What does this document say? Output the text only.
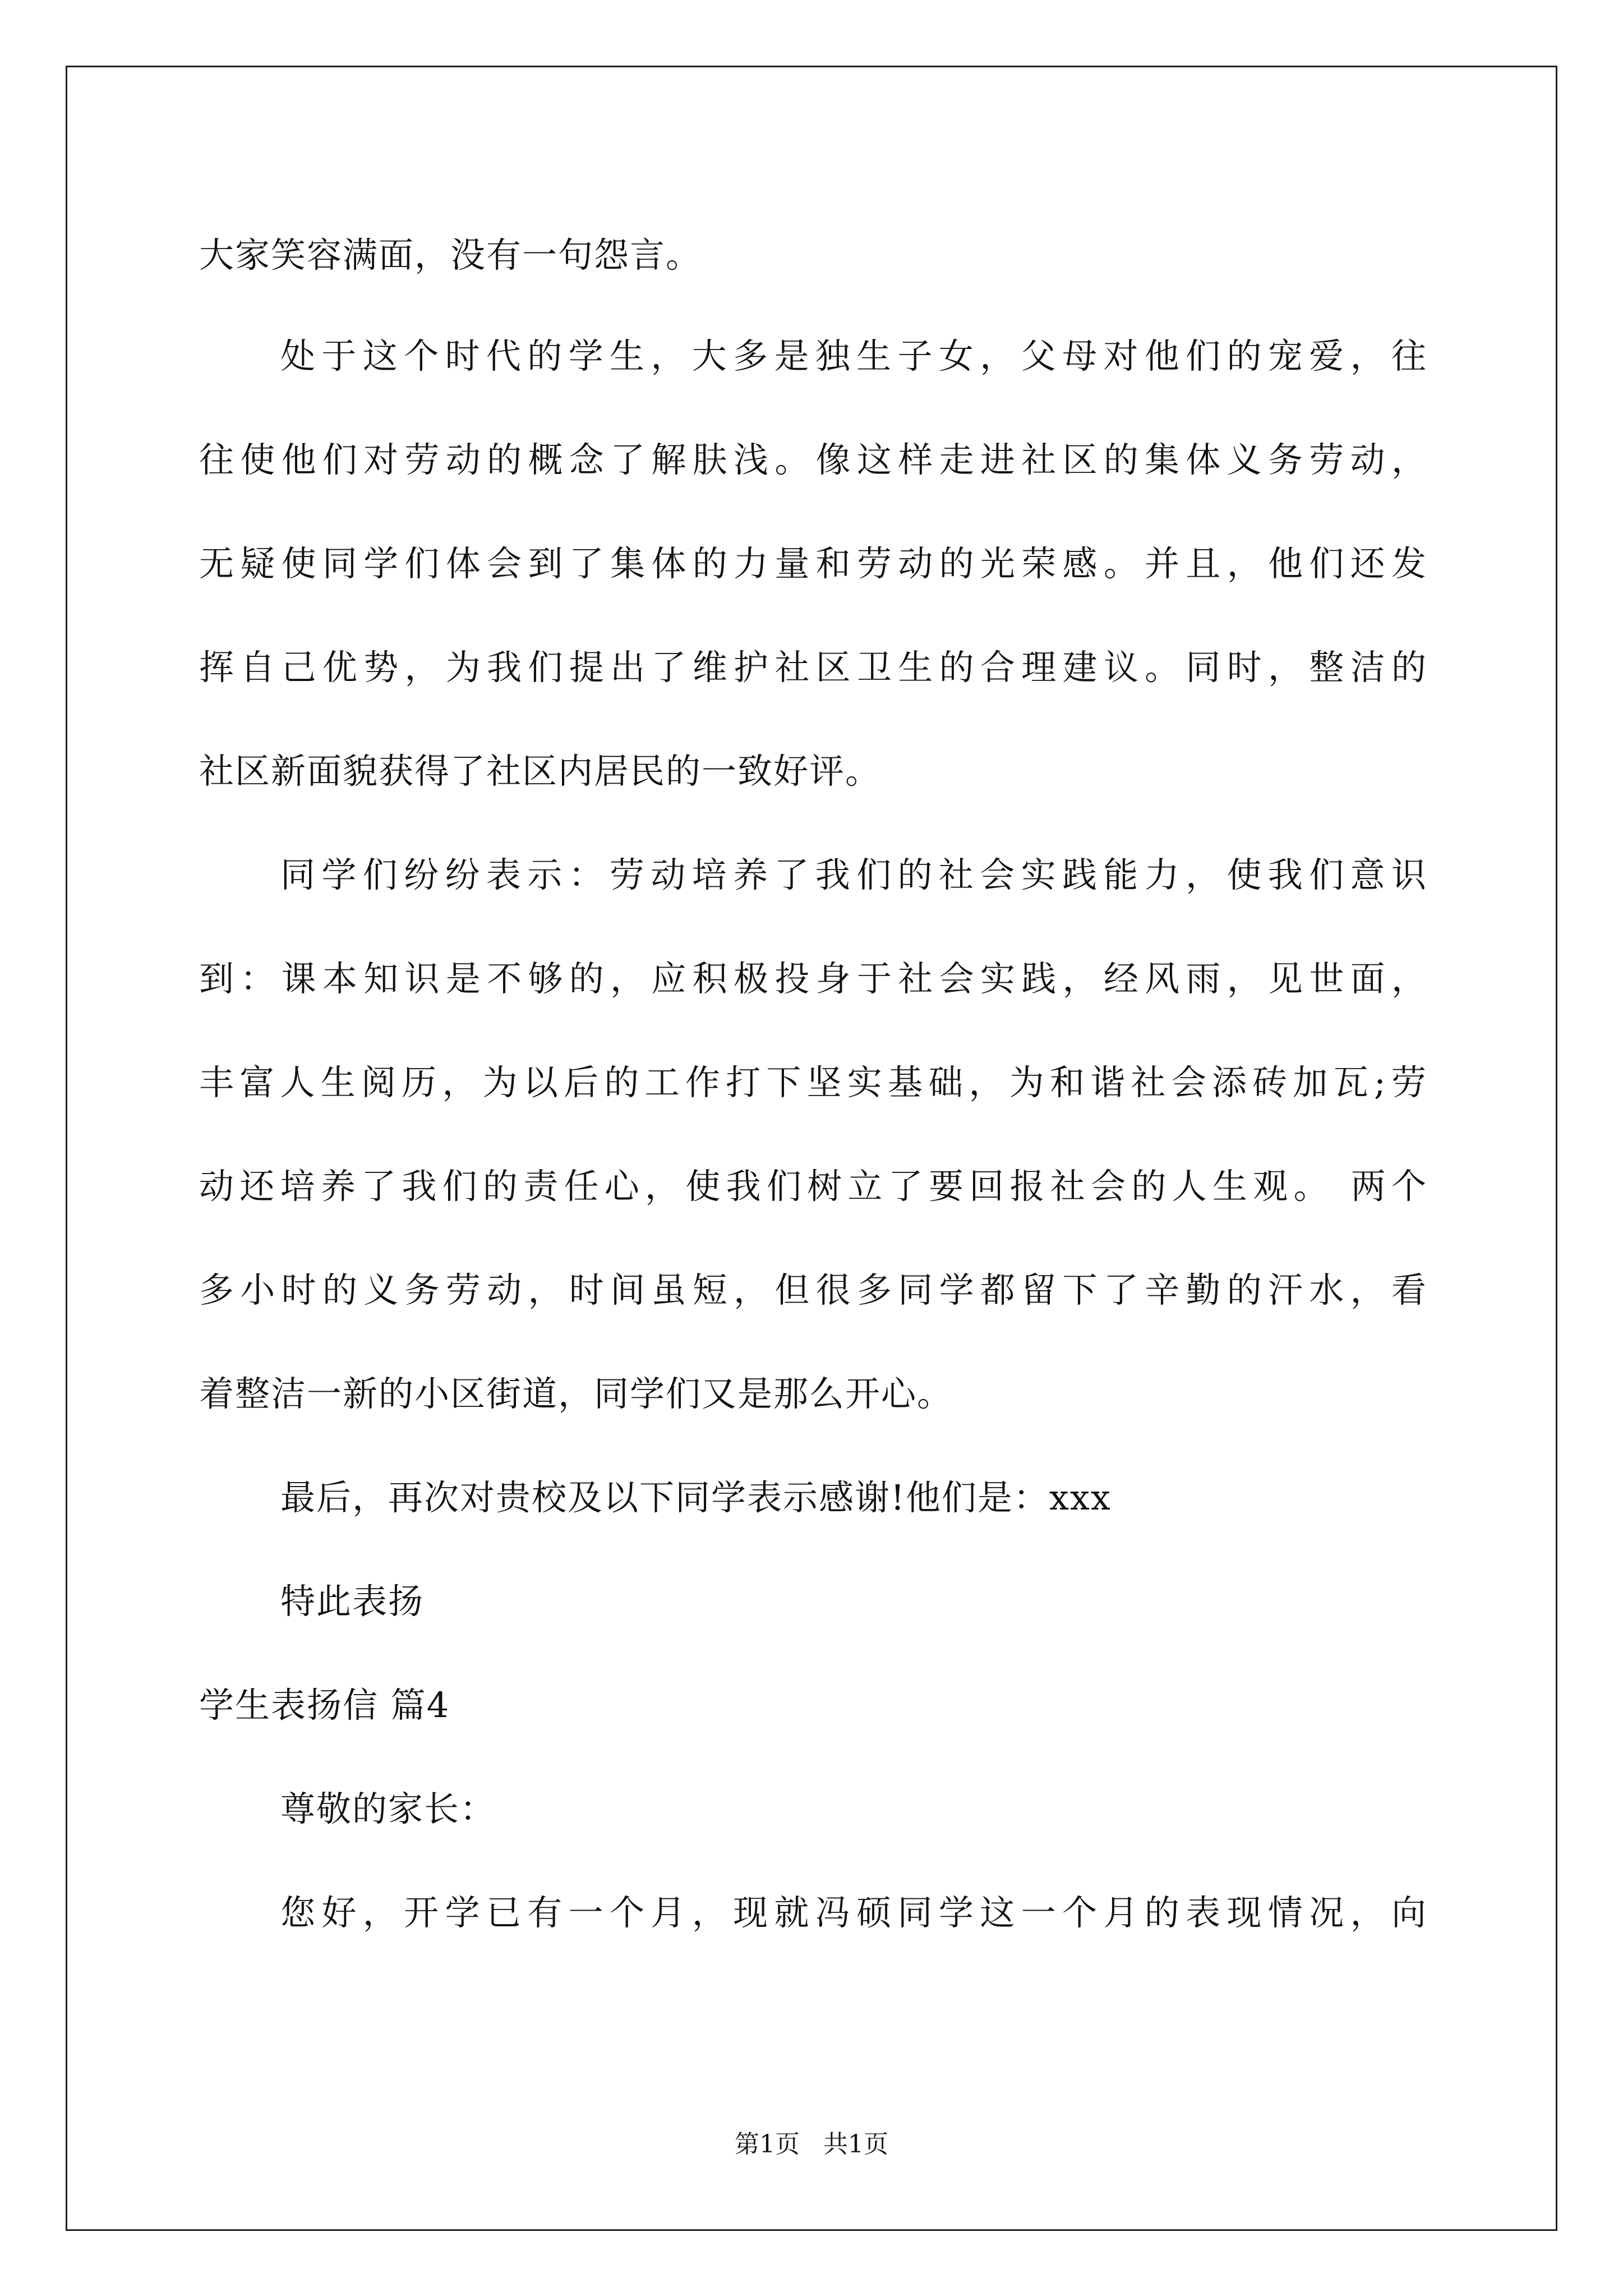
大家笑容满面，没有一句怨言。
处于这个时代的学生，大多是独生子女，父母对他们的宠爱，往
往使他们对劳动的概念了解肤浅。像这样走进社区的集体义务劳动，
无疑使同学们体会到了集体的力量和劳动的光荣感。并且，他们还发
挥自己优势，为我们提出了维护社区卫生的合理建议。同时，整洁的
社区新面貌获得了社区内居民的一致好评。
同学们纷纷表示：劳动培养了我们的社会实践能力，使我们意识
到：课本知识是不够的，应积极投身于社会实践，经风雨，见世面，
丰富人生阅历，为以后的工作打下坚实基础，为和谐社会添砖加瓦;劳
动还培养了我们的责任心，使我们树立了要回报社会的人生观。 两个
多小时的义务劳动，时间虽短，但很多同学都留下了辛勤的汗水，看
着整洁一新的小区街道，同学们又是那么开心。
最后，再次对贵校及以下同学表示感谢!他们是：xxx
特此表扬
学生表扬信 篇4
尊敬的家长：
您好，开学已有一个月，现就冯硕同学这一个月的表现情况，向
第1页 共1页
